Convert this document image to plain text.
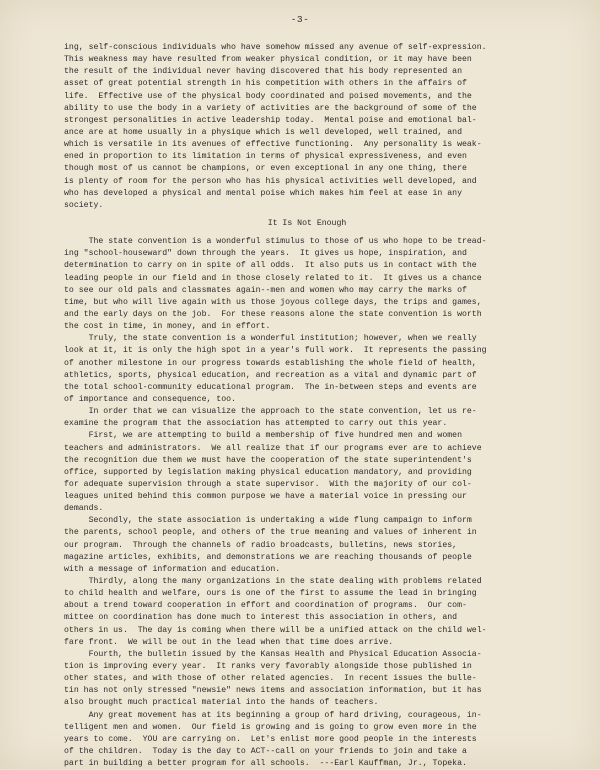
-3-
ing, self-conscious individuals who have somehow missed any avenue of self-expression.
This weakness may have resulted from weaker physical condition, or it may have been
the result of the individual never having discovered that his body represented an
asset of great potential strength in his competition with others in the affairs of
life.  Effective use of the physical body coordinated and poised movements, and the
ability to use the body in a variety of activities are the background of some of the
strongest personalities in active leadership today.  Mental poise and emotional bal-
ance are at home usually in a physique which is well developed, well trained, and
which is versatile in its avenues of effective functioning.  Any personality is weak-
ened in proportion to its limitation in terms of physical expressiveness, and even
though most of us cannot be champions, or even exceptional in any one thing, there
is plenty of room for the person who has his physical activities well developed, and
who has developed a physical and mental poise which makes him feel at ease in any
society.
It Is Not Enough
The state convention is a wonderful stimulus to those of us who hope to be tread-
ing "school-houseward" down through the years.  It gives us hope, inspiration, and
determination to carry on in spite of all odds.  It also puts us in contact with the
leading people in our field and in those closely related to it.  It gives us a chance
to see our old pals and classmates again--men and women who may carry the marks of
time, but who will live again with us those joyous college days, the trips and games,
and the early days on the job.  For these reasons alone the state convention is worth
the cost in time, in money, and in effort.
Truly, the state convention is a wonderful institution; however, when we really
look at it, it is only the high spot in a year's full work.  It represents the passing
of another milestone in our progress towards establishing the whole field of health,
athletics, sports, physical education, and recreation as a vital and dynamic part of
the total school-community educational program.  The in-between steps and events are
of importance and consequence, too.
In order that we can visualize the approach to the state convention, let us re-
examine the program that the association has attempted to carry out this year.
First, we are attempting to build a membership of five hundred men and women
teachers and administrators.  We all realize that if our programs ever are to achieve
the recognition due them we must have the cooperation of the state superintendent's
office, supported by legislation making physical education mandatory, and providing
for adequate supervision through a state supervisor.  With the majority of our col-
leagues united behind this common purpose we have a material voice in pressing our
demands.
Secondly, the state association is undertaking a wide flung campaign to inform
the parents, school people, and others of the true meaning and values of inherent in
our program.  Through the channels of radio broadcasts, bulletins, news stories,
magazine articles, exhibits, and demonstrations we are reaching thousands of people
with a message of information and education.
Thirdly, along the many organizations in the state dealing with problems related
to child health and welfare, ours is one of the first to assume the lead in bringing
about a trend toward cooperation in effort and coordination of programs.  Our com-
mittee on coordination has done much to interest this association in others, and
others in us.  The day is coming when there will be a unified attack on the child wel-
fare front.  We will be out in the lead when that time does arrive.
Fourth, the bulletin issued by the Kansas Health and Physical Education Associa-
tion is improving every year.  It ranks very favorably alongside those published in
other states, and with those of other related agencies.  In recent issues the bulle-
tin has not only stressed "newsie" news items and association information, but it has
also brought much practical material into the hands of teachers.
Any great movement has at its beginning a group of hard driving, courageous, in-
telligent men and women.  Our field is growing and is going to grow even more in the
years to come.  YOU are carrying on.  Let's enlist more good people in the interests
of the children.  Today is the day to ACT--call on your friends to join and take a
part in building a better program for all schools.  ---Earl Kauffman, Jr., Topeka.
